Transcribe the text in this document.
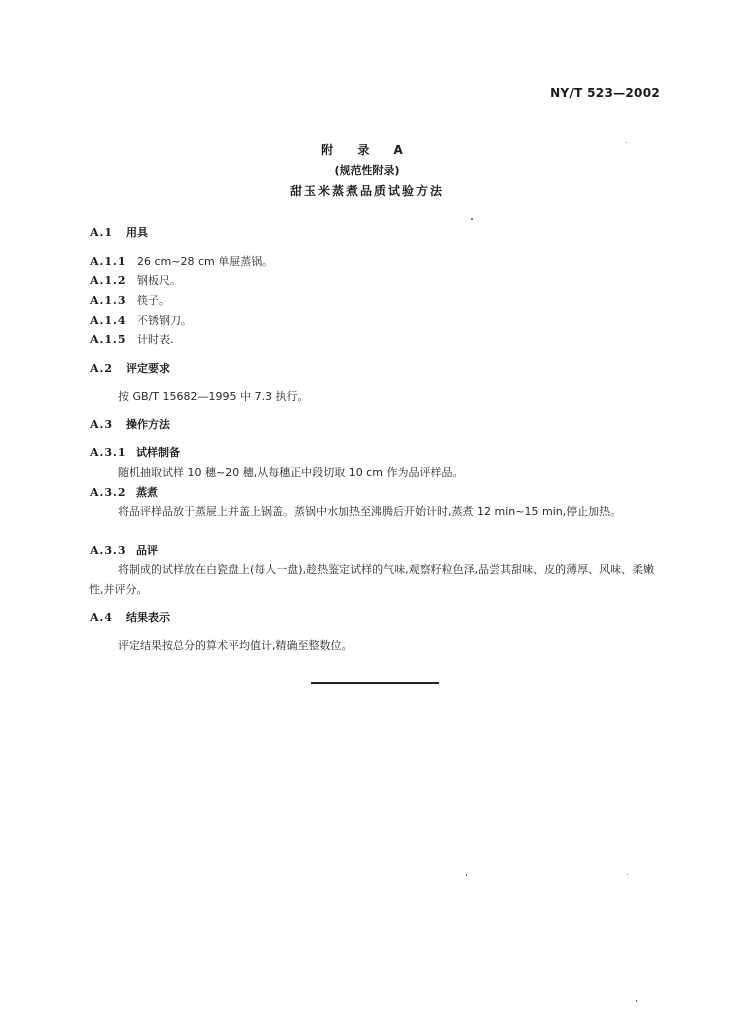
NY/T 523—2002
附 录 A
(规范性附录)
甜玉米蒸煮品质试验方法
A.1 用具
A.1.1 26 cm~28 cm 单屉蒸锅。
A.1.2 钢板尺。
A.1.3 筷子。
A.1.4 不锈钢刀。
A.1.5 计时表.
A.2 评定要求
按 GB/T 15682—1995 中 7.3 执行。
A.3 操作方法
A.3.1 试样制备
随机抽取试样 10 穗~20 穗,从每穗正中段切取 10 cm 作为品评样品。
A.3.2 蒸煮
将品评样品放于蒸屉上并盖上锅盖。蒸锅中水加热至沸腾后开始计时,蒸煮 12 min~15 min,停止加热。
A.3.3 品评
将制成的试样放在白瓷盘上(每人一盘),趁热鉴定试样的气味,观察籽粒色泽,品尝其甜味、皮的薄厚、风味、柔嫩性,并评分。
A.4 结果表示
评定结果按总分的算术平均值计,精确至整数位。
